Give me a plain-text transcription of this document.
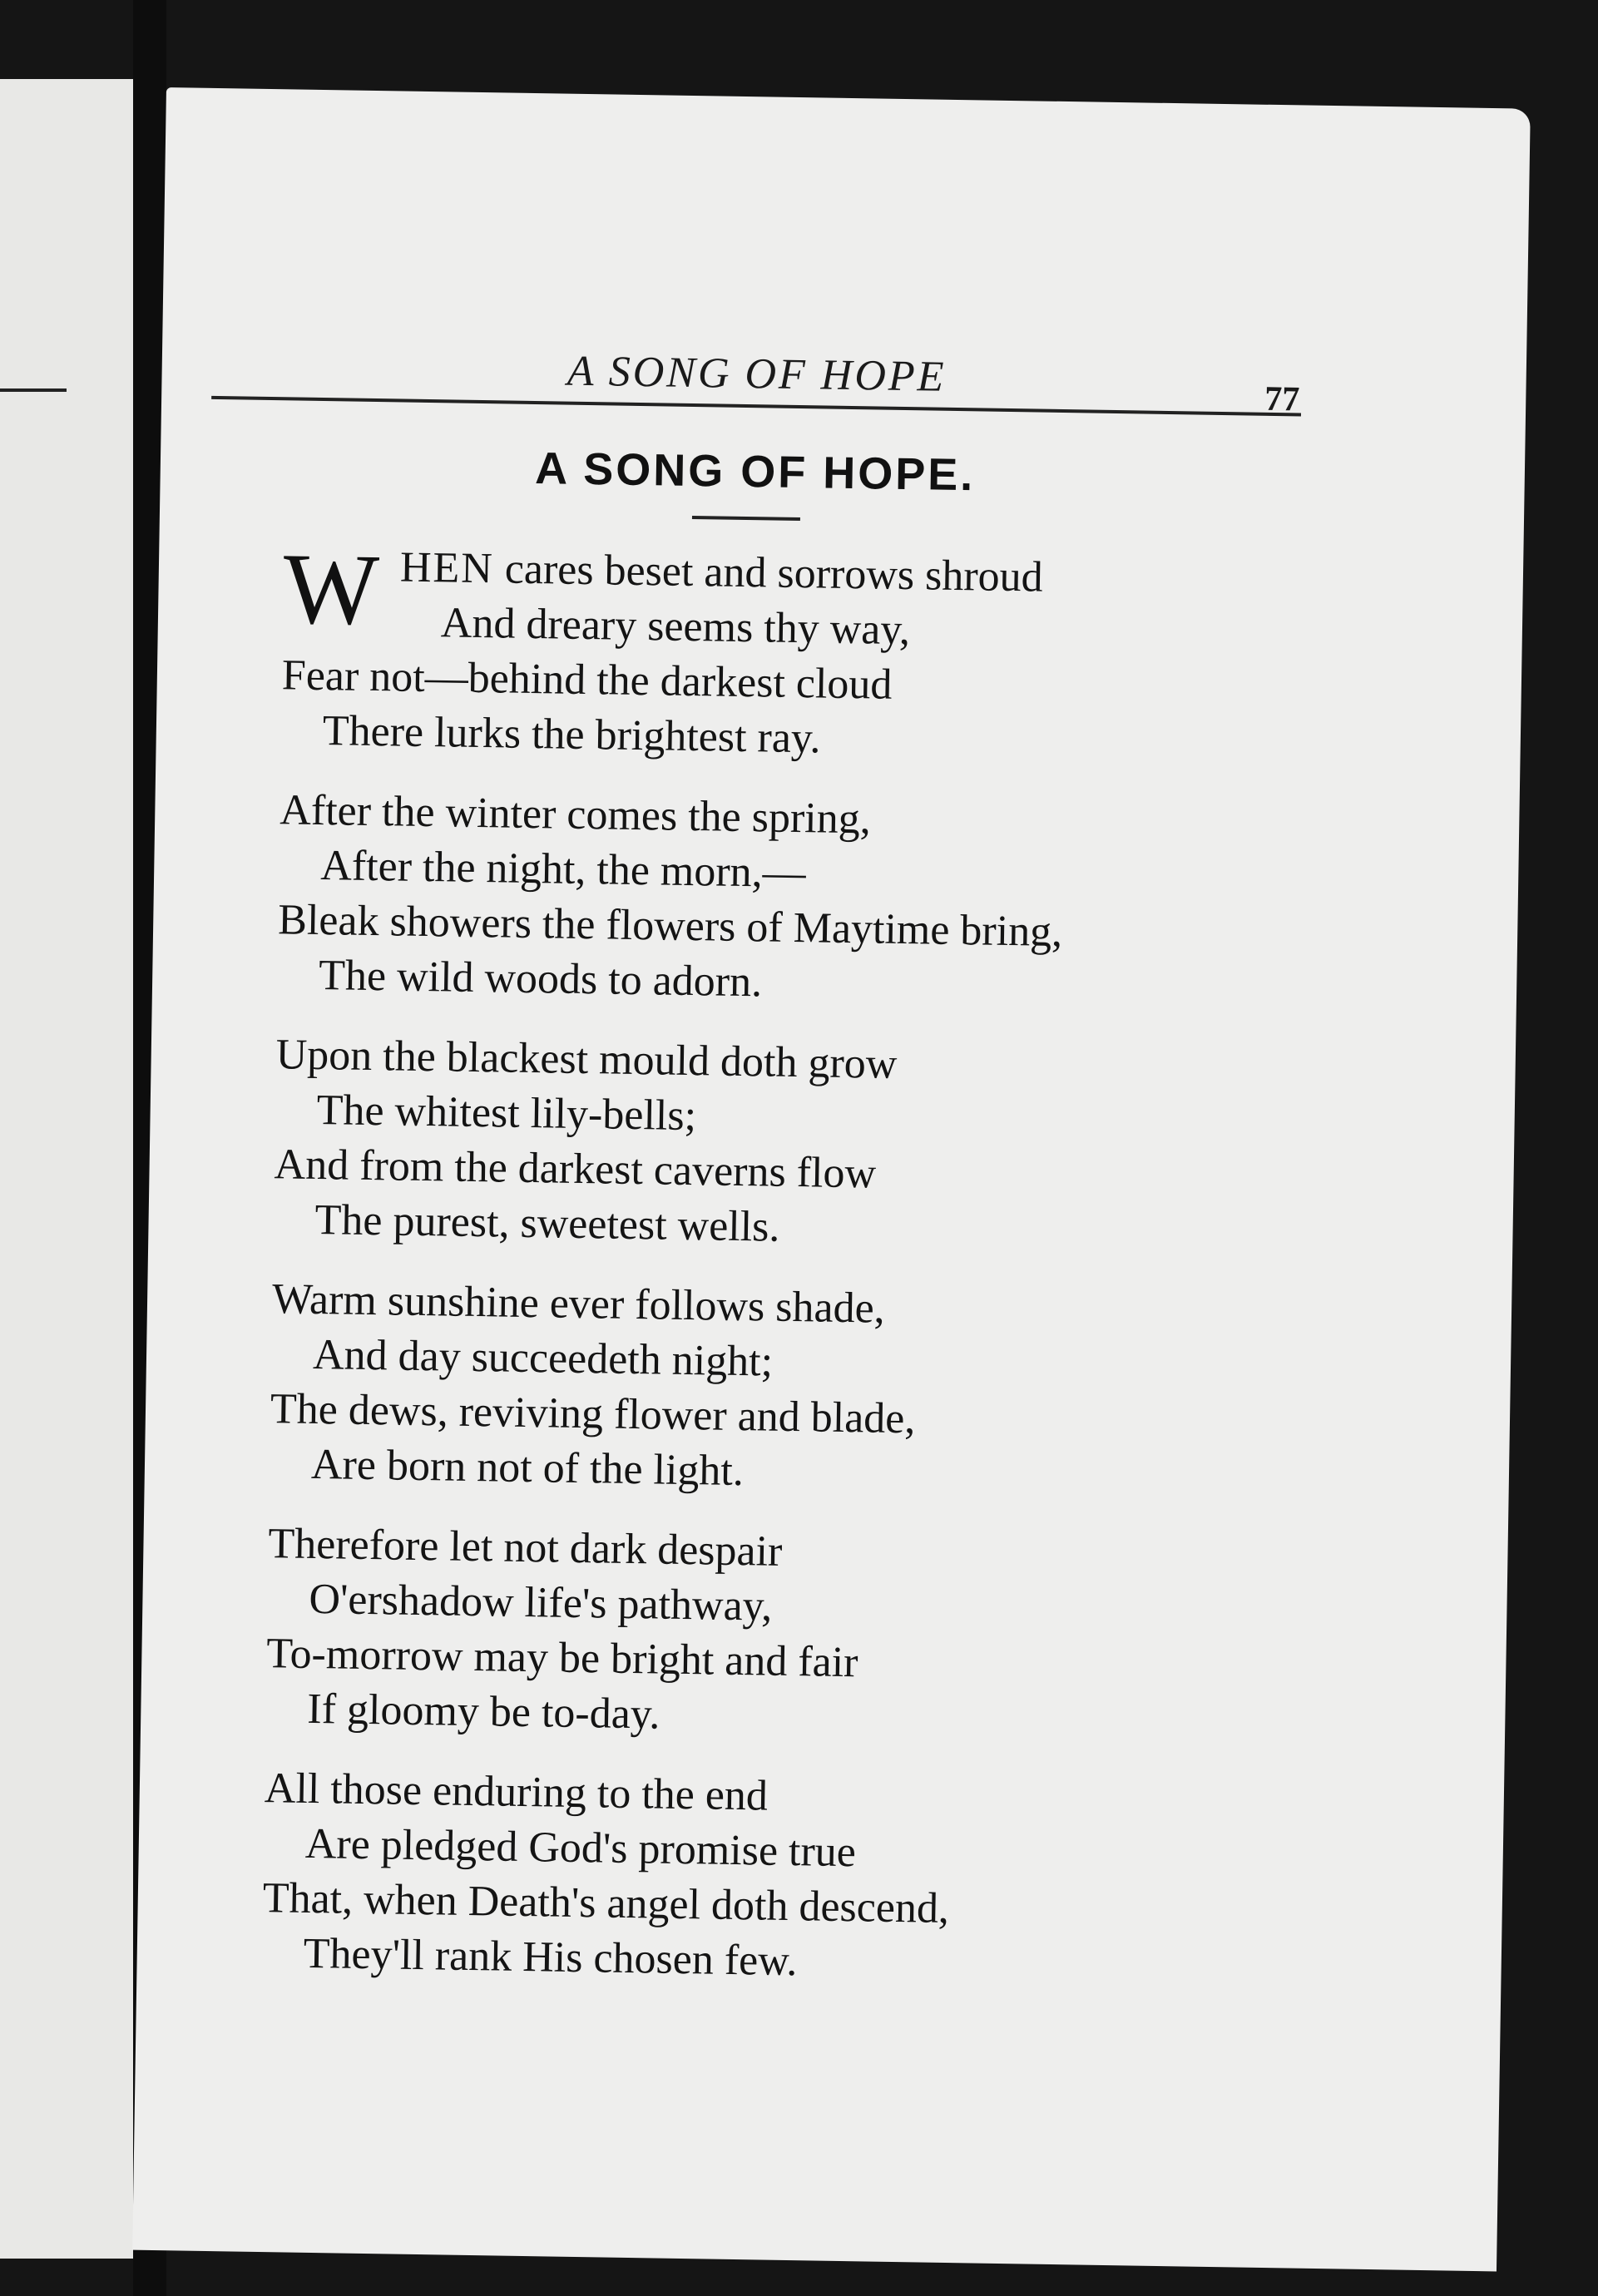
A SONG OF HOPE	77
A SONG OF HOPE.
W HEN cares beset and sorrows shroud
And dreary seems thy way,
Fear not—behind the darkest cloud
There lurks the brightest ray.
After the winter comes the spring,
After the night, the morn,—
Bleak showers the flowers of Maytime bring,
The wild woods to adorn.
Upon the blackest mould doth grow
The whitest lily-bells;
And from the darkest caverns flow
The purest, sweetest wells.
Warm sunshine ever follows shade,
And day succeedeth night;
The dews, reviving flower and blade,
Are born not of the light.
Therefore let not dark despair
O'ershadow life's pathway,
To-morrow may be bright and fair
If gloomy be to-day.
All those enduring to the end
Are pledged God's promise true
That, when Death's angel doth descend,
They'll rank His chosen few.
